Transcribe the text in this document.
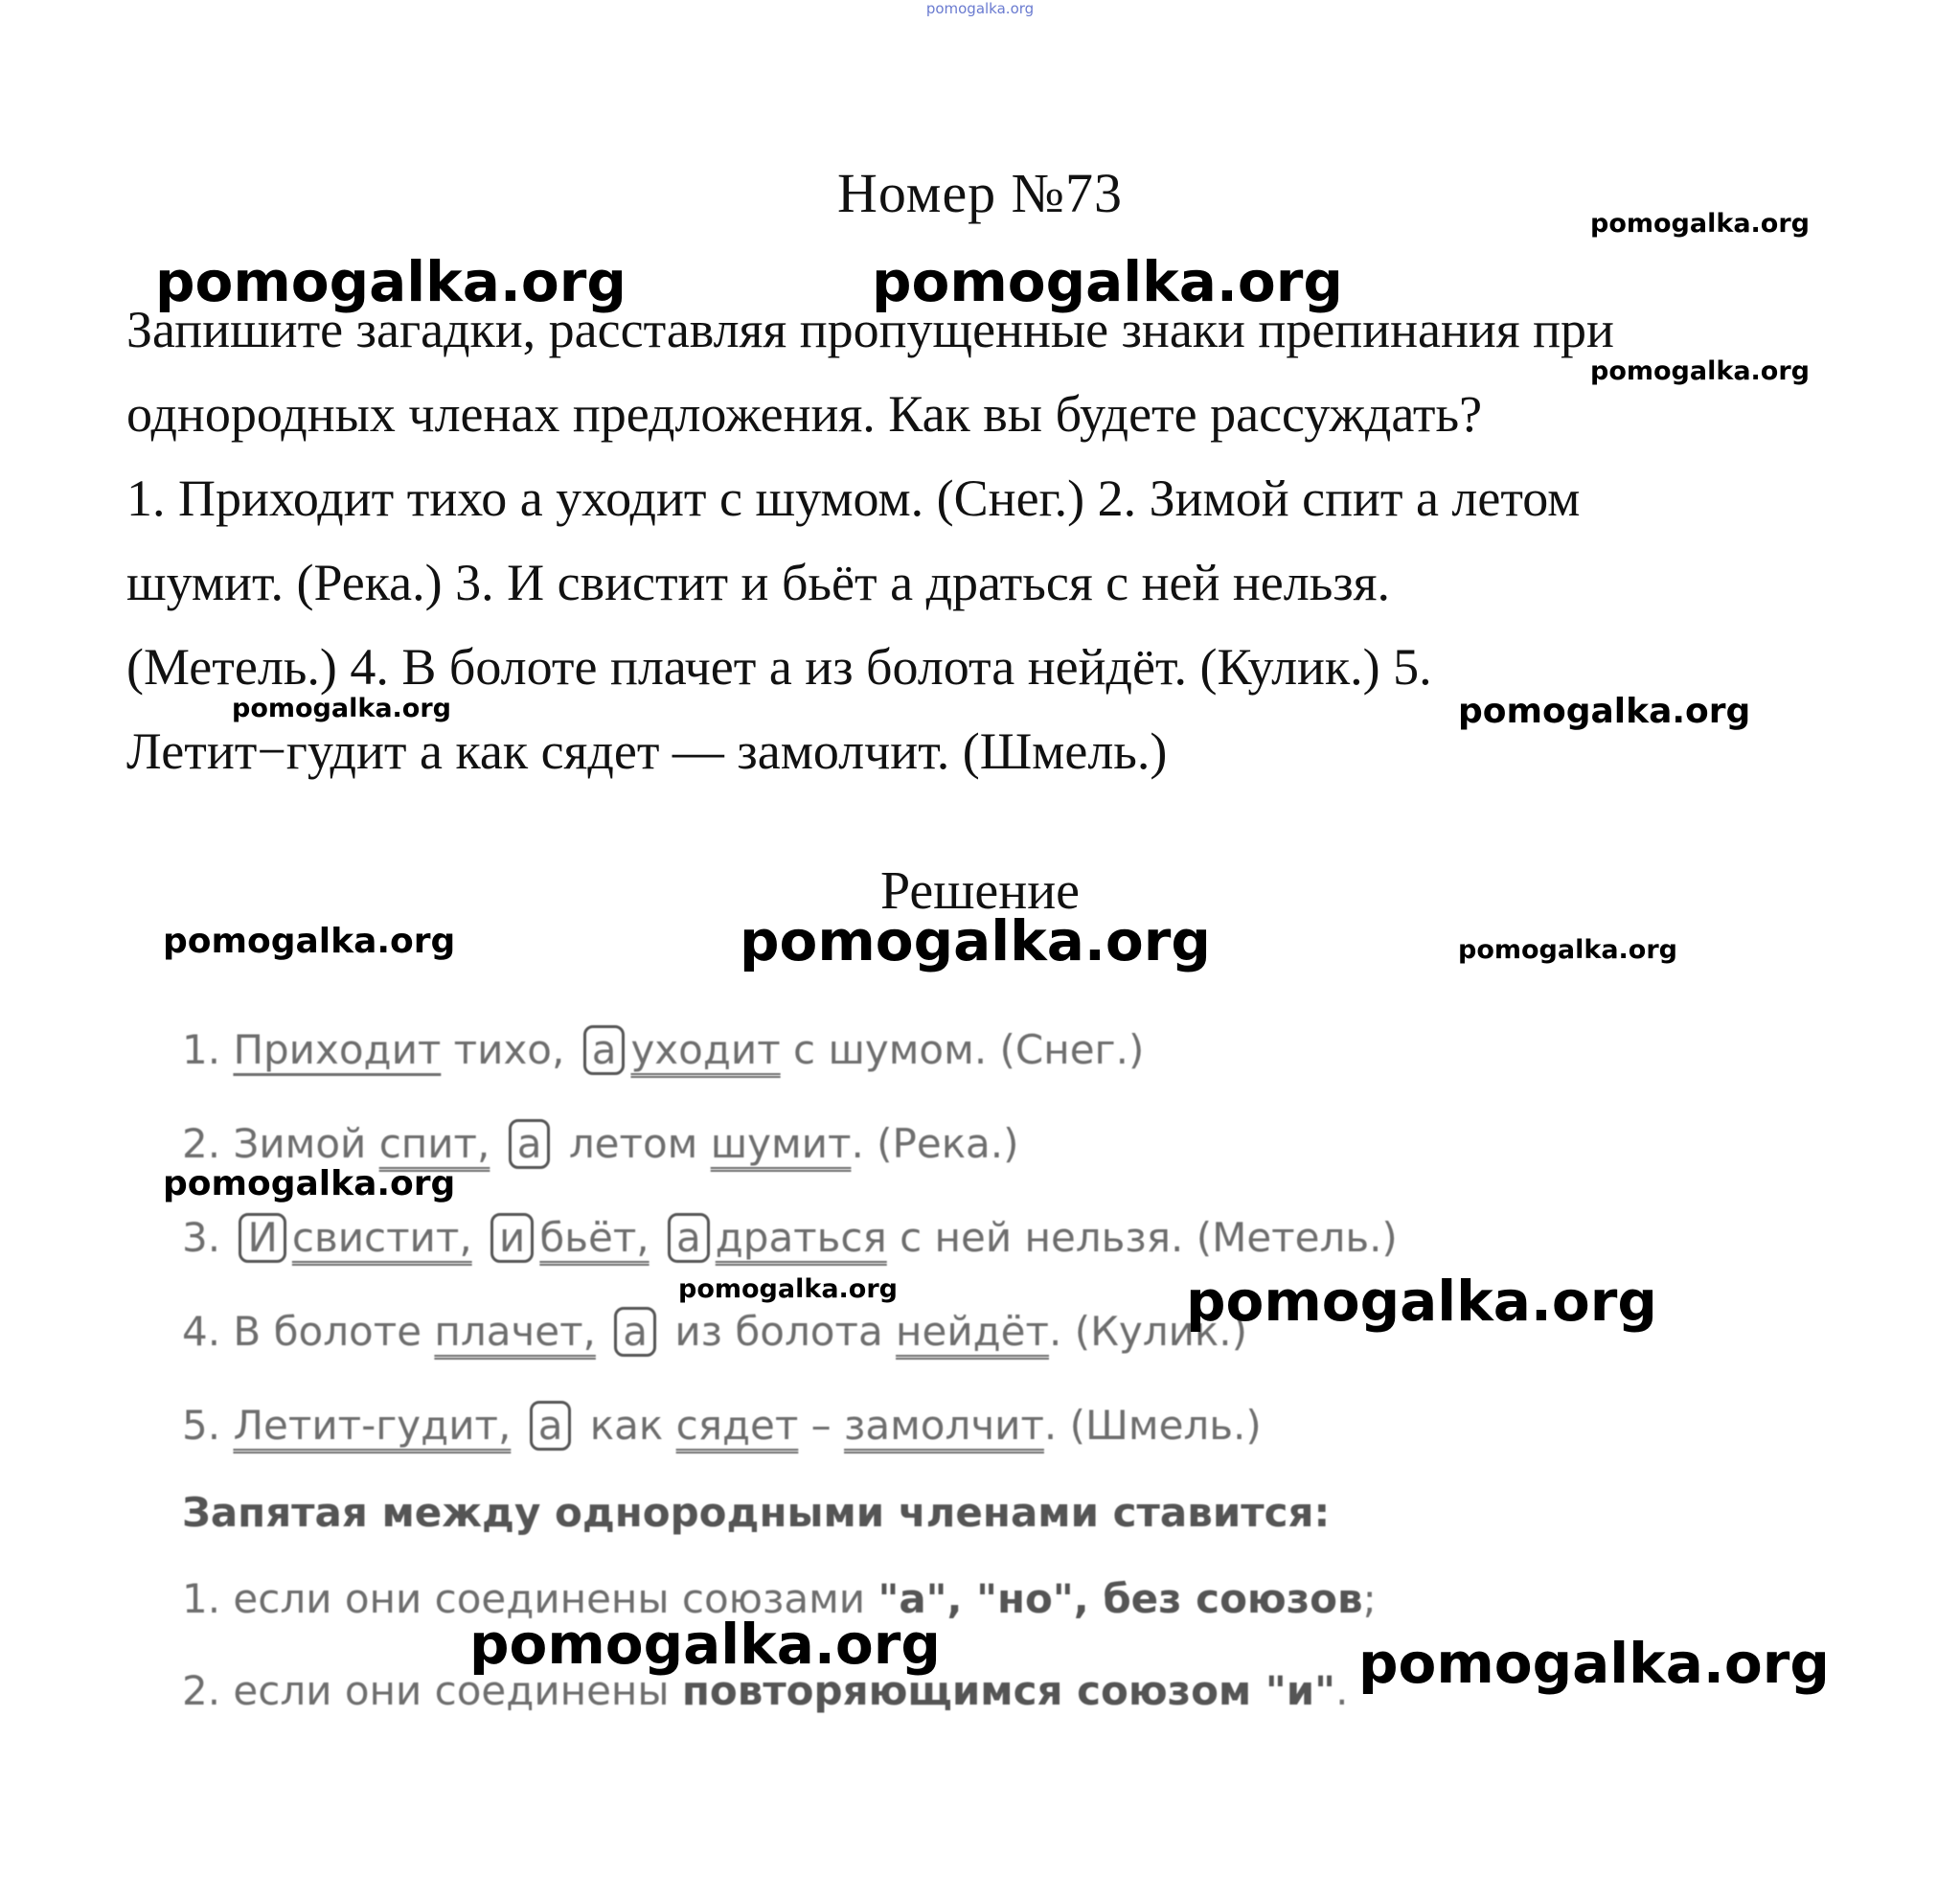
pomogalka.org
Номер №73
Запишите загадки, расставляя пропущенные знаки препинания при
однородных членах предложения. Как вы будете рассуждать?
1. Приходит тихо а уходит с шумом. (Снег.) 2. Зимой спит а летом
шумит. (Река.) 3. И свистит и бьёт а драться с ней нельзя.
(Метель.) 4. В болоте плачет а из болота нейдёт. (Кулик.) 5.
Летит−гудит а как сядет — замолчит. (Шмель.)
Решение
1. Приходит тихо, а уходит с шумом. (Снег.)
2. Зимой спит, а летом шумит. (Река.)
3. И свистит, и бьёт, а драться с ней нельзя. (Метель.)
4. В болоте плачет, а из болота нейдёт. (Кулик.)
5. Летит-гудит, а как сядет – замолчит. (Шмель.)
Запятая между однородными членами ставится:
1. если они соединены союзами "а", "но", без союзов;
2. если они соединены повторяющимся союзом "и".
pomogalka.org
pomogalka.org	pomogalka.org
pomogalka.org
pomogalka.org	pomogalka.org
pomogalka.org	pomogalka.org	pomogalka.org
pomogalka.org
pomogalka.org	pomogalka.org
pomogalka.org	pomogalka.org
